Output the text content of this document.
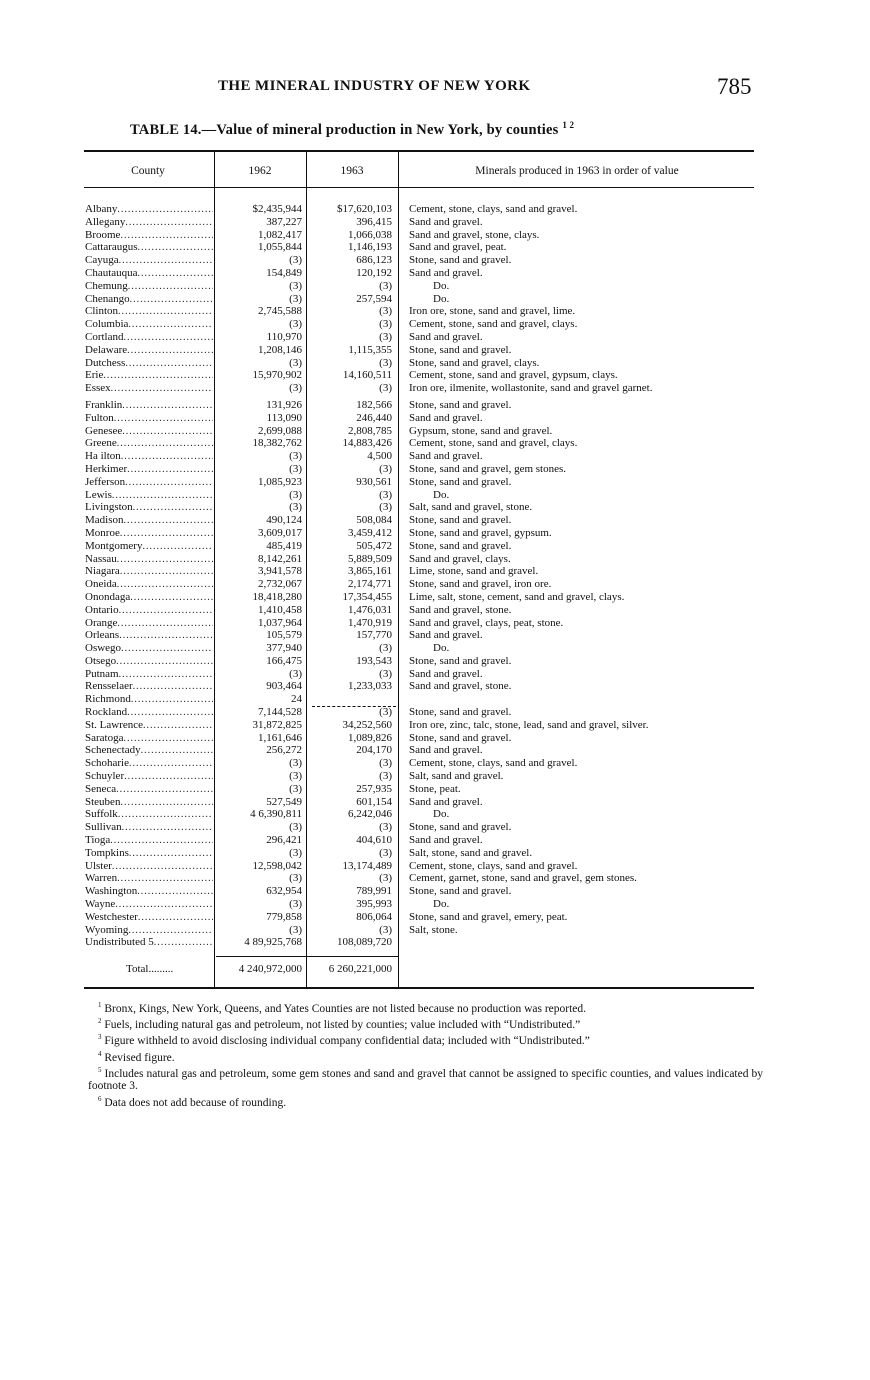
THE MINERAL INDUSTRY OF NEW YORK	785
TABLE 14.—Value of mineral production in New York, by counties $^{1 2}$
County	1962	1963	Minerals produced in 1963 in order of value
Albany .....	$2,435,944	$17,620,103 Cement, stone, clays, sand and gravel.
Allegany .....	387,227	396,415 Sand and gravel.
Broome .....	1,082,417	1,066,038 Sand and gravel, stone, clays.
Cattaraugus .....	1,055,844	1,146,193 Sand and gravel, peat.
Cayuga .....	(3)	686,123 Stone, sand and gravel.
Chautauqua .....	154,849	120,192 Sand and gravel.
Chemung .....	(3)	(3)	Do.
Chenango .....	(3)	257,594	Do.
Clinton .....	2,745,588	(3) Iron ore, stone, sand and gravel, lime.
Columbia .....	(3)	(3) Cement, stone, sand and gravel, clays.
Cortland .....	110,970	(3) Sand and gravel.
Delaware .....	1,208,146	1,115,355 Stone, sand and gravel.
Dutchess .....	(3)	(3) Stone, sand and gravel, clays.
Erie .....	15,970,902	14,160,511 Cement, stone, sand and gravel, gypsum, clays.
Essex .....	(3)	(3) Iron ore, ilmenite, wollastonite, sand and gravel garnet.
Franklin .....	131,926	182,566 Stone, sand and gravel.
Fulton .....	113,090	246,440 Sand and gravel.
Genesee .....	2,699,088	2,808,785 Gypsum, stone, sand and gravel.
Greene .....	18,382,762	14,883,426 Cement, stone, sand and gravel, clays.
Ha ilton .....	(3)	4,500 Sand and gravel.
Herkimer .....	(3)	(3) Stone, sand and gravel, gem stones.
Jefferson .....	1,085,923	930,561 Stone, sand and gravel.
Lewis .....	(3)	(3)	Do.
Livingston .....	(3)	(3) Salt, sand and gravel, stone.
Madison .....	490,124	508,084 Stone, sand and gravel.
Monroe .....	3,609,017	3,459,412 Stone, sand and gravel, gypsum.
Montgomery .....	485,419	505,472 Stone, sand and gravel.
Nassau .....	8,142,261	5,889,509 Sand and gravel, clays.
Niagara .....	3,941,578	3,865,161 Lime, stone, sand and gravel.
Oneida .....	2,732,067	2,174,771 Stone, sand and gravel, iron ore.
Onondaga .....	18,418,280	17,354,455 Lime, salt, stone, cement, sand and gravel, clays.
Ontario .....	1,410,458	1,476,031 Sand and gravel, stone.
Orange .....	1,037,964	1,470,919 Sand and gravel, clays, peat, stone.
Orleans .....	105,579	157,770 Sand and gravel.
Oswego .....	377,940	(3)	Do.
Otsego .....	166,475	193,543 Stone, sand and gravel.
Putnam .....	(3)	(3) Sand and gravel.
Rensselaer .....	903,464	1,233,033 Sand and gravel, stone.
Richmond .....	24
Rockland .....	7,144,528	(3) Stone, sand and gravel.
St. Lawrence .....	31,872,825	34,252,560 Iron ore, zinc, talc, stone, lead, sand and gravel, silver.
Saratoga .....	1,161,646	1,089,826 Stone, sand and gravel.
Schenectady .....	256,272	204,170 Sand and gravel.
Schoharie .....	(3)	(3) Cement, stone, clays, sand and gravel.
Schuyler .....	(3)	(3) Salt, sand and gravel.
Seneca .....	(3)	257,935 Stone, peat.
Steuben .....	527,549	601,154 Sand and gravel.
Suffolk .....	4 6,390,811	6,242,046	Do.
Sullivan .....	(3)	(3) Stone, sand and gravel.
Tioga .....	296,421	404,610 Sand and gravel.
Tompkins .....	(3)	(3) Salt, stone, sand and gravel.
Ulster .....	12,598,042	13,174,489 Cement, stone, clays, sand and gravel.
Warren .....	(3)	(3) Cement, garnet, stone, sand and gravel, gem stones.
Washington .....	632,954	789,991 Stone, sand and gravel.
Wayne .....	(3)	395,993	Do.
Westchester .....	779,858	806,064 Stone, sand and gravel, emery, peat.
Wyoming .....	(3)	(3) Salt, stone.
Undistributed 5 .....	4 89,925,768	108,089,720
Total.........	4 240,972,000	6 260,221,000

$^1$ Bronx, Kings, New York, Queens, and Yates Counties are not listed because no production was reported.

$^2$ Fuels, including natural gas and petroleum, not listed by counties; value included with “Undistributed.”

$^3$ Figure withheld to avoid disclosing individual company confidential data; included with “Undistributed.”

$^4$ Revised figure.

$^5$ Includes natural gas and petroleum, some gem stones and sand and gravel that cannot be assigned to specific counties, and values indicated by footnote 3.

$^6$ Data does not add because of rounding.
